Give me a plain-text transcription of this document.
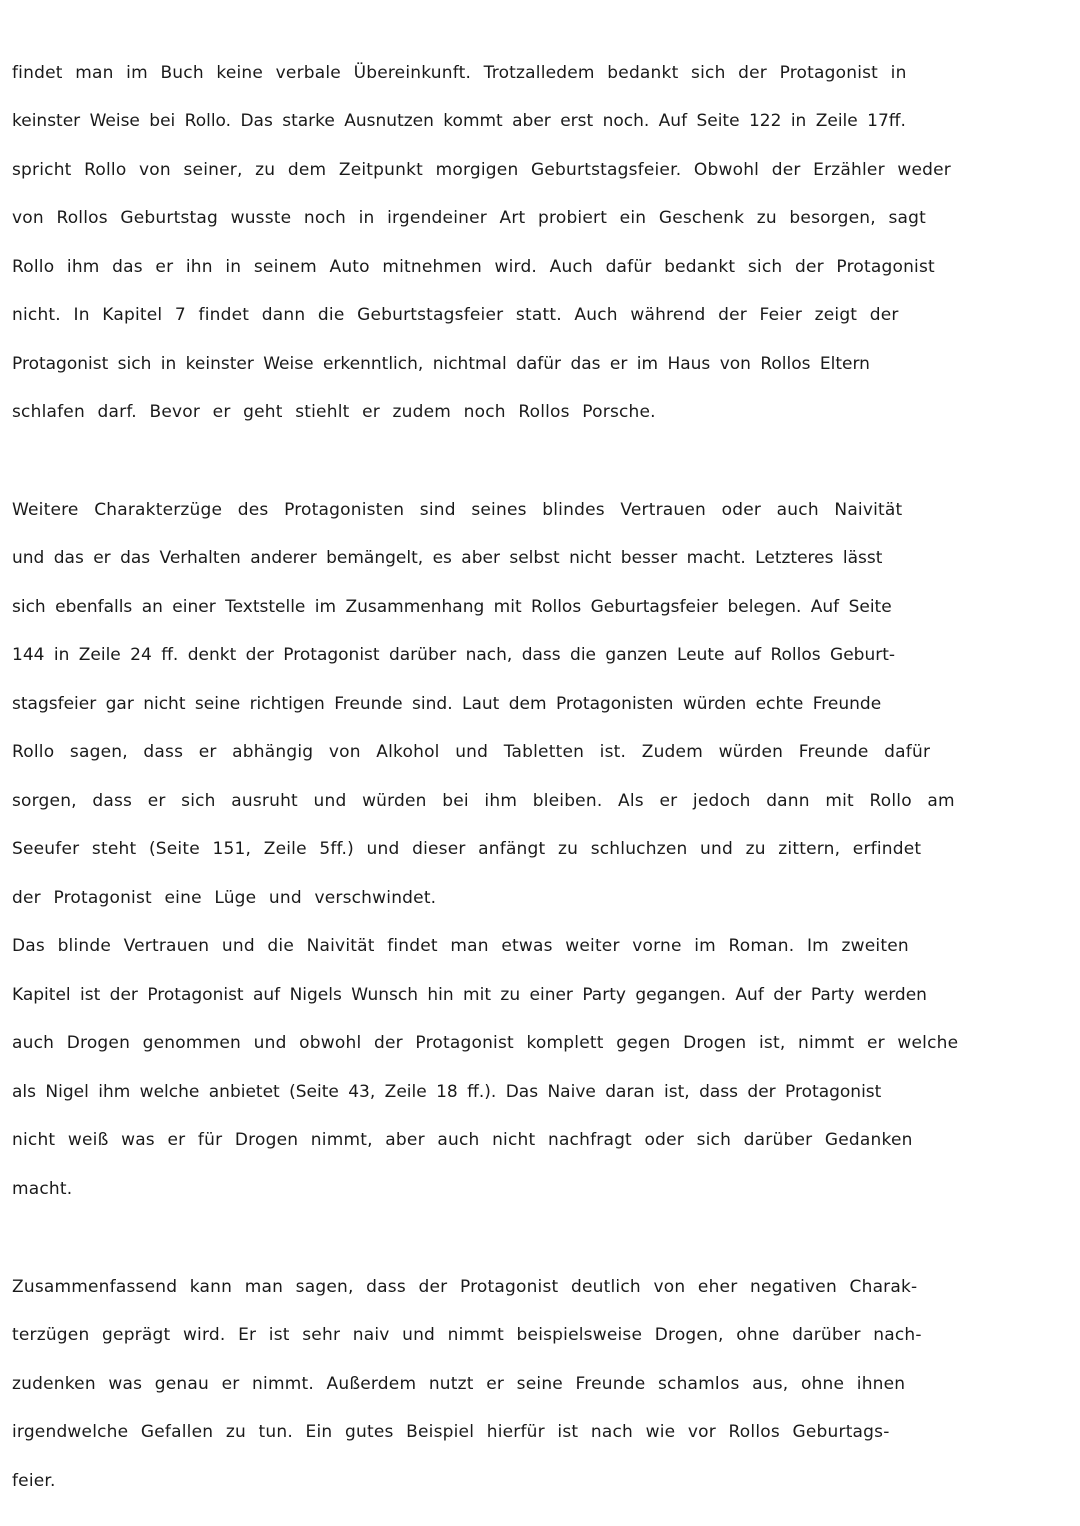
findet man im Buch keine verbale Übereinkunft. Trotzalledem bedankt sich der Protagonist in
keinster Weise bei Rollo. Das starke Ausnutzen kommt aber erst noch. Auf Seite 122 in Zeile 17ff.
spricht Rollo von seiner, zu dem Zeitpunkt morgigen Geburtstagsfeier. Obwohl der Erzähler weder
von Rollos Geburtstag wusste noch in irgendeiner Art probiert ein Geschenk zu besorgen, sagt
Rollo ihm das er ihn in seinem Auto mitnehmen wird. Auch dafür bedankt sich der Protagonist
nicht. In Kapitel 7 findet dann die Geburtstagsfeier statt. Auch während der Feier zeigt der
Protagonist sich in keinster Weise erkenntlich, nichtmal dafür das er im Haus von Rollos Eltern
schlafen darf. Bevor er geht stiehlt er zudem noch Rollos Porsche.
Weitere Charakterzüge des Protagonisten sind seines blindes Vertrauen oder auch Naivität
und das er das Verhalten anderer bemängelt, es aber selbst nicht besser macht. Letzteres lässt
sich ebenfalls an einer Textstelle im Zusammenhang mit Rollos Geburtagsfeier belegen. Auf Seite
144 in Zeile 24 ff. denkt der Protagonist darüber nach, dass die ganzen Leute auf Rollos Geburt-
stagsfeier gar nicht seine richtigen Freunde sind. Laut dem Protagonisten würden echte Freunde
Rollo sagen, dass er abhängig von Alkohol und Tabletten ist. Zudem würden Freunde dafür
sorgen, dass er sich ausruht und würden bei ihm bleiben. Als er jedoch dann mit Rollo am
Seeufer steht (Seite 151, Zeile 5ff.) und dieser anfängt zu schluchzen und zu zittern, erfindet
der Protagonist eine Lüge und verschwindet.
Das blinde Vertrauen und die Naivität findet man etwas weiter vorne im Roman. Im zweiten
Kapitel ist der Protagonist auf Nigels Wunsch hin mit zu einer Party gegangen. Auf der Party werden
auch Drogen genommen und obwohl der Protagonist komplett gegen Drogen ist, nimmt er welche
als Nigel ihm welche anbietet (Seite 43, Zeile 18 ff.). Das Naive daran ist, dass der Protagonist
nicht weiß was er für Drogen nimmt, aber auch nicht nachfragt oder sich darüber Gedanken
macht.
Zusammenfassend kann man sagen, dass der Protagonist deutlich von eher negativen Charak-
terzügen geprägt wird. Er ist sehr naiv und nimmt beispielsweise Drogen, ohne darüber nach-
zudenken was genau er nimmt. Außerdem nutzt er seine Freunde schamlos aus, ohne ihnen
irgendwelche Gefallen zu tun. Ein gutes Beispiel hierfür ist nach wie vor Rollos Geburtags-
feier.
